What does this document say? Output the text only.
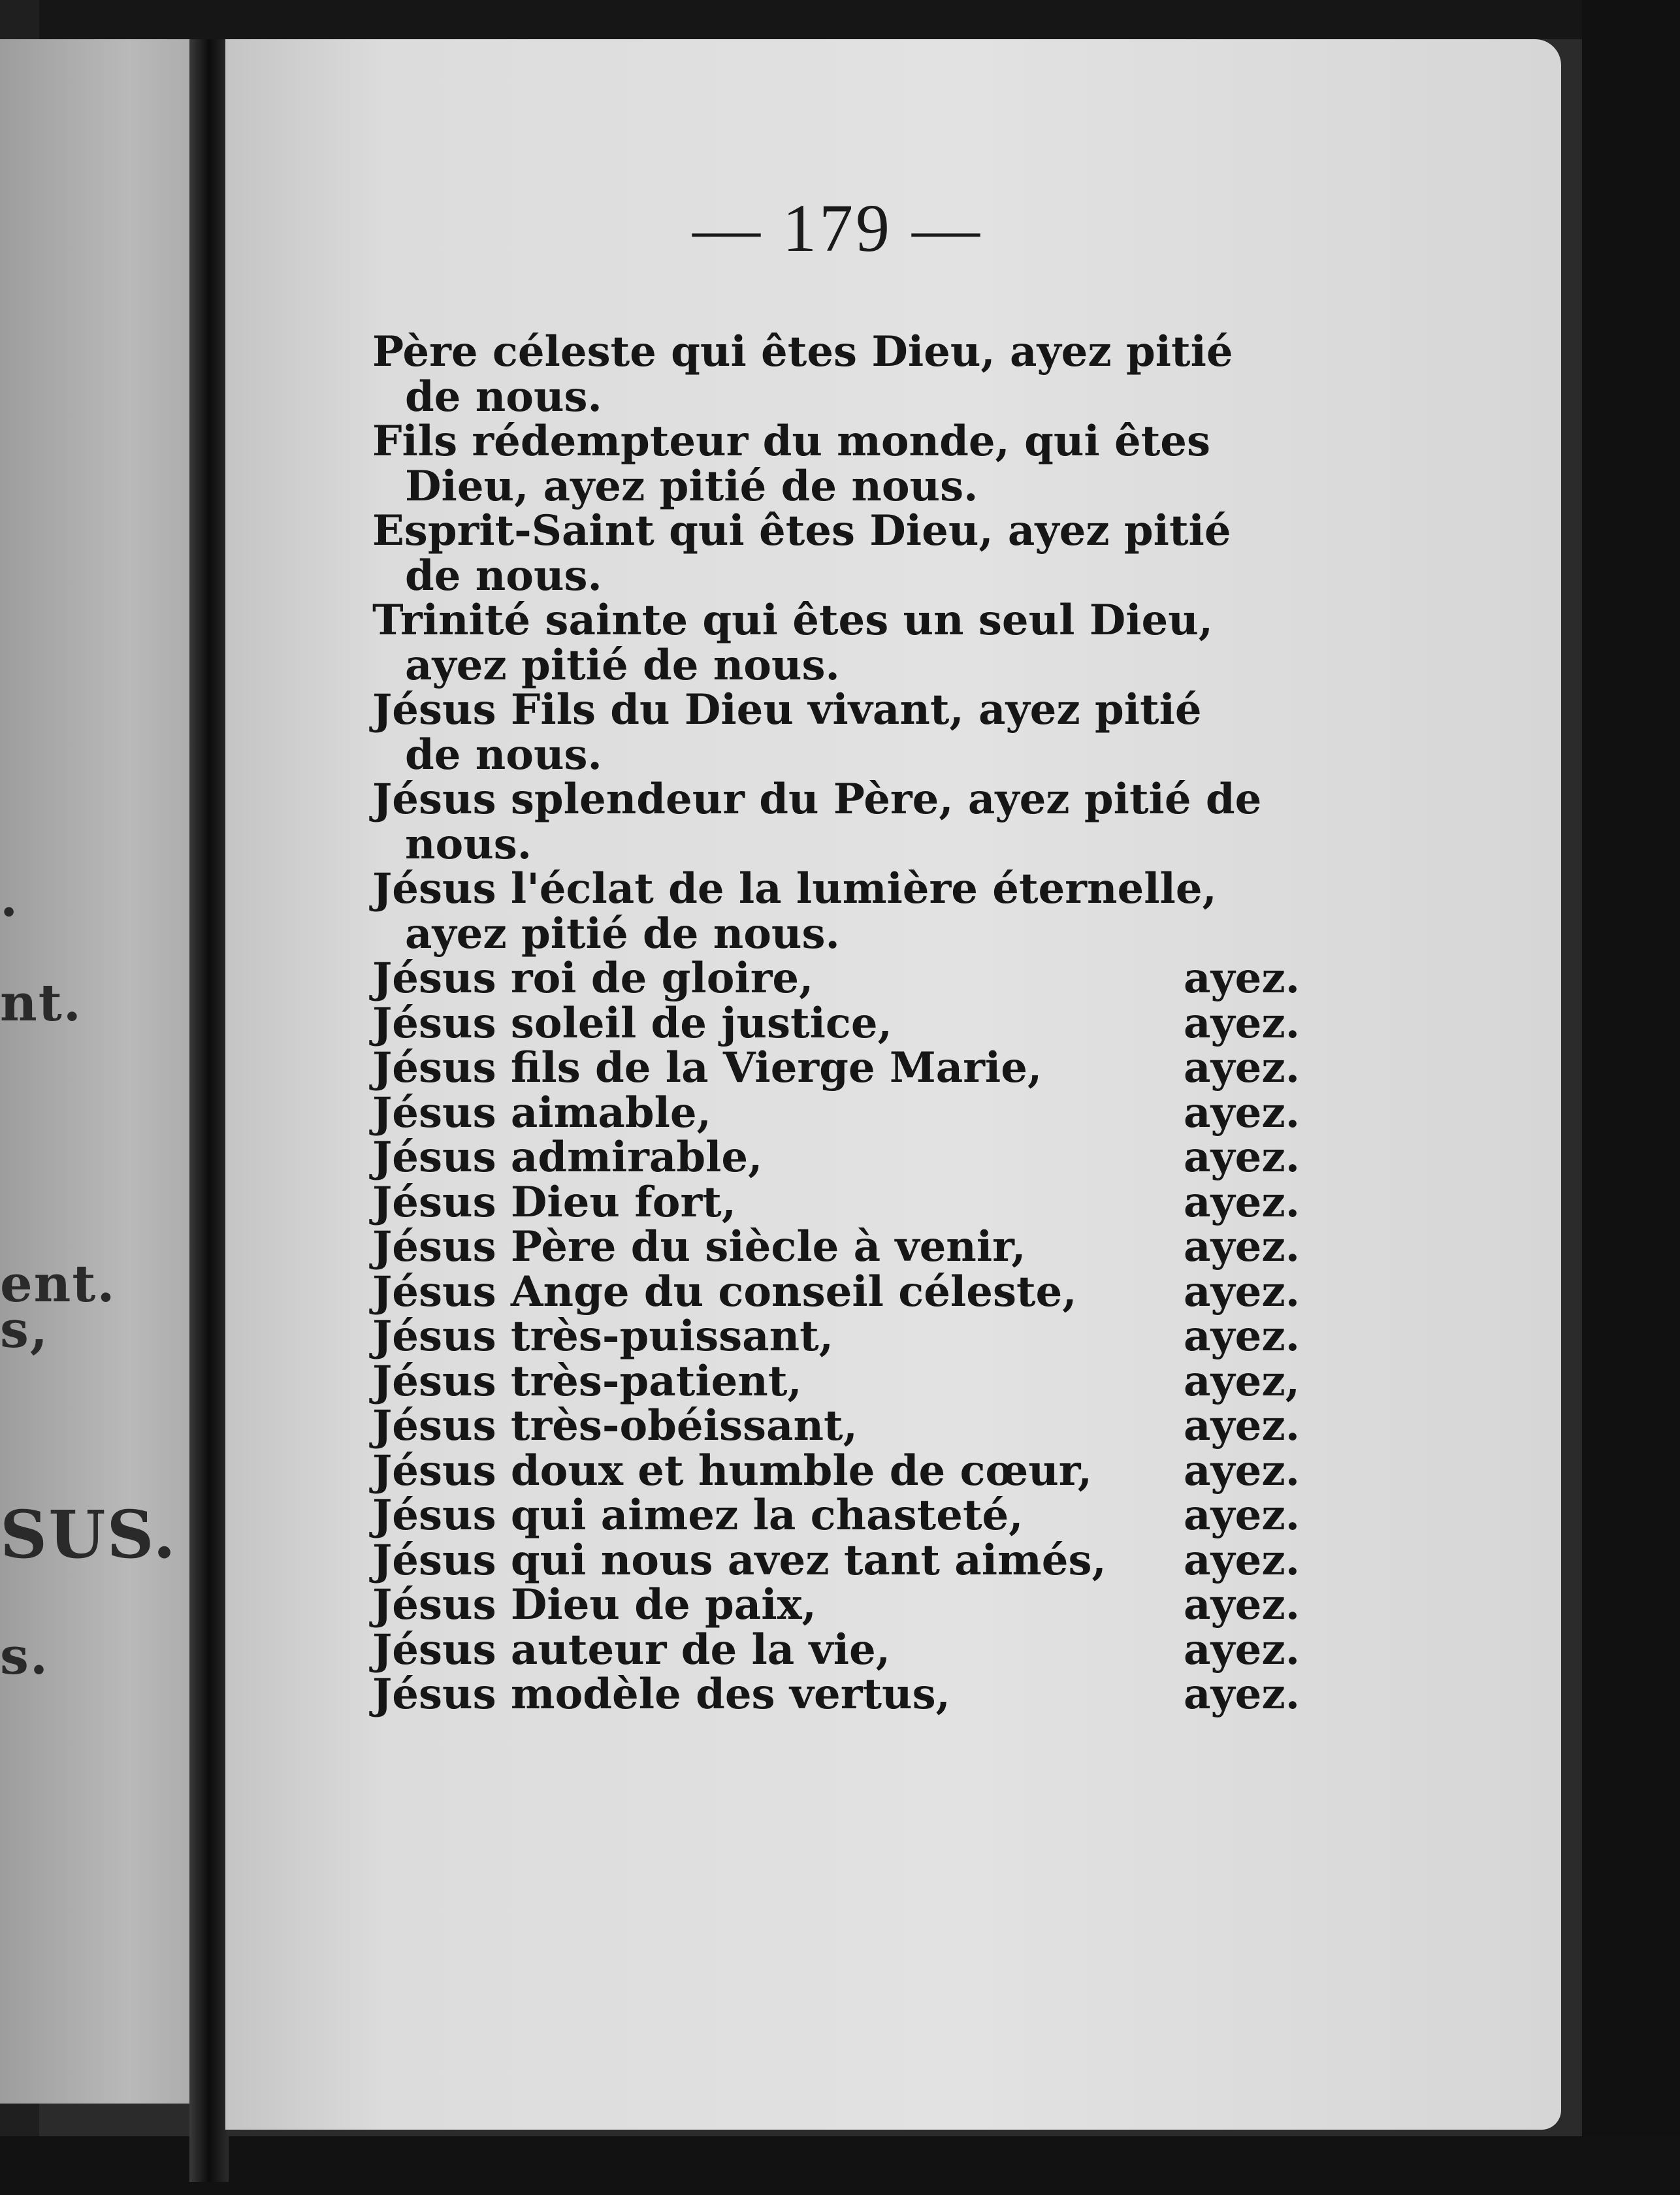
.
nt.
ent.
s,
SUS.
s.
— 179 —
Père céleste qui êtes Dieu, ayez pitié
de nous.
Fils rédempteur du monde, qui êtes
Dieu, ayez pitié de nous.
Esprit-Saint qui êtes Dieu, ayez pitié
de nous.
Trinité sainte qui êtes un seul Dieu,
ayez pitié de nous.
Jésus Fils du Dieu vivant, ayez pitié
de nous.
Jésus splendeur du Père, ayez pitié de
nous.
Jésus l'éclat de la lumière éternelle,
ayez pitié de nous.
Jésus roi de gloire,	ayez.
Jésus soleil de justice,	ayez.
Jésus fils de la Vierge Marie,	ayez.
Jésus aimable,	ayez.
Jésus admirable,	ayez.
Jésus Dieu fort,	ayez.
Jésus Père du siècle à venir,	ayez.
Jésus Ange du conseil céleste,	ayez.
Jésus très-puissant,	ayez.
Jésus très-patient,	ayez,
Jésus très-obéissant,	ayez.
Jésus doux et humble de cœur, ayez.
Jésus qui aimez la chasteté,	ayez.
Jésus qui nous avez tant aimés, ayez.
Jésus Dieu de paix,	ayez.
Jésus auteur de la vie,	ayez.
Jésus modèle des vertus,	ayez.
